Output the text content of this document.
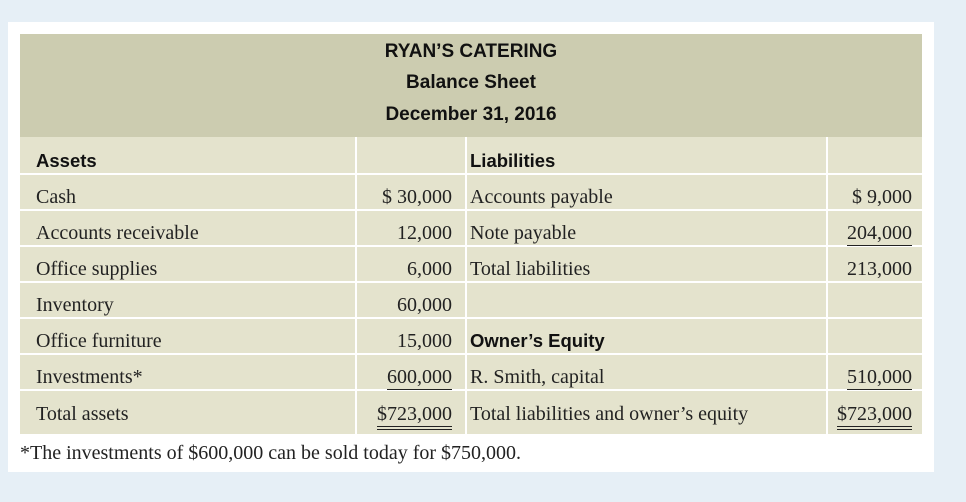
RYAN’S CATERING
Balance Sheet
December 31, 2016
Assets
Cash
Accounts receivable
Office supplies
Inventory
Office furniture
Investments*
Total assets
$ 30,000
12,000
6,000
60,000
15,000
600,000
$723,000
Liabilities
Accounts payable
Note payable
Total liabilities
$ 9,000
204,000
213,000
Owner’s Equity
R. Smith, capital
Total liabilities and owner’s equity
510,000
$723,000
*The investments of $600,000 can be sold today for $750,000.
